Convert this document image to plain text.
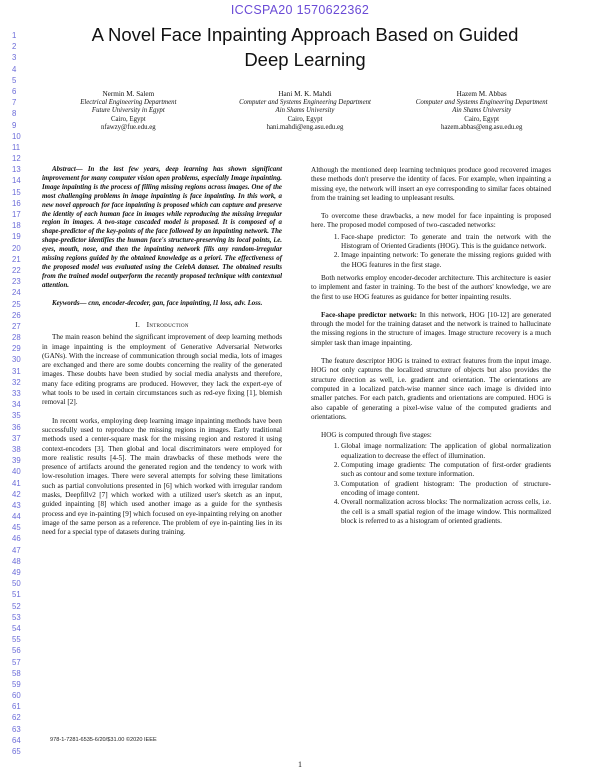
ICCSPA20 1570622362
1
2
3
4
5
6
7
8
9
10
11
12
13
14
15
16
17
18
19
20
21
22
23
24
25
26
27
28
29
30
31
32
33
34
35
36
37
38
39
40
41
42
43
44
45
46
47
48
49
50
51
52
53
54
55
56
57
58
59
60
61
62
63
64
65
A Novel Face Inpainting Approach Based on Guided
Deep Learning
Nermin M. Salem
Electrical Engineering Department
Future University in Egypt
Cairo, Egypt
nfawzy@fue.edu.eg
Hani M. K. Mahdi
Computer and Systems Engineering Department
Ain Shams University
Cairo, Egypt
hani.mahdi@eng.asu.edu.eg
Hazem M. Abbas
Computer and Systems Engineering Department
Ain Shams University
Cairo, Egypt
hazem.abbas@eng.asu.edu.eg
Abstract— In the last few years, deep learning has shown significant improvement for many computer vision open problems, especially Image inpainting. Image inpainting is the process of filling missing regions across images. One of the most challenging problems in image inpainting is face inpainting. In this work, a new novel approach for face inpainting is proposed which can capture and preserve the identity of each human face in images while reproducing the missing irregular region in images. A two-stage cascaded model is proposed. It is composed of a shape-predictor of the key-points of the face followed by an inpainting network. The shape-predictor identifies the human face's structure-preserving its local points, i.e. eyes, mouth, nose, and then the inpainting network fills any random-irregular missing regions guided by the obtained knowledge as a priori. The effectiveness of the proposed model was evaluated using the CelebA dataset. The obtained results from the trained model outperform the recently proposed technique with contextual attention.
Keywords— cnn, encoder-decoder, gan, face inpainting, l1 loss, adv. Loss.
I. Introduction

The main reason behind the significant improvement of deep learning methods in image inpainting is the employment of Generative Adversarial Networks (GANs). With the increase of communication through social media, lots of images are exchanged and there are some doubts concerning the reality of the generated images. These doubts have been studied by social media analysts and therefore, many face editing programs are produced. However, they lack the expert-eye of what tools to be used in certain circumstances such as red-eye fixing [1], blemish removal [2].

In recent works, employing deep learning image inpainting methods have been successfully used to reproduce the missing regions in images. Early traditional methods used a center-square mask for the missing region and restored it using context-encoders [3]. Then global and local discriminators were employed for more realistic results [4-5]. The main drawbacks of these methods were the presence of artifacts around the generated region and the tendency to work with low-resolution images. There were several attempts for solving these limitations such as partial convolutions presented in [6] which worked with irregular random masks, Deepfillv2 [7] which worked with a utilized user's sketch as an input, guided inpainting [8] which used another image as a guide for the synthesis process and eye in-painting [9] which focused on eye-inpainting relying on another image of the same person as a reference. The problem of eye in-painting lies in its need for a special type of datasets during training.

Although the mentioned deep learning techniques produce good recovered images these methods don't preserve the identity of faces. For example, when inpainting a missing eye, the network will insert an eye corresponding to similar faces obtained from the training set leading to unpleasant results.

To overcome these drawbacks, a new model for face inpainting is proposed here. The proposed model composed of two-cascaded networks:

1. Face-shape predictor: To generate and train the network with the Histogram of Oriented Gradients (HOG). This is the guidance network.
2. Image inpainting network: To generate the missing regions guided with the HOG features in the first stage.

Both networks employ encoder-decoder architecture. This architecture is easier to implement and faster in training. To the best of the authors' knowledge, we are the first to use HOG features as guidance for better inpainting results.

Face-shape predictor network: In this network, HOG [10-12] are generated through the model for the training dataset and the network is trained to hallucinate the missing regions in the structure of images. Image structure recovery is a much simpler task than image inpainting.

The feature descriptor HOG is trained to extract features from the input image. HOG not only captures the localized structure of objects but also provides the structure direction as well, i.e. gradient and orientation. The orientations are computed in a localized patch-wise manner since each image is divided into smaller patches. For each patch, gradients and orientations are computed. HOG is also capable of generating a pixel-wise value of the computed gradients and orientations.

HOG is computed through five stages:

1. Global image normalization: The application of global normalization equalization to decrease the effect of illumination.
2. Computing image gradients: The computation of first-order gradients such as contour and some texture information.
3. Computation of gradient histogram: The production of structure-encoding of image content.
4. Overall normalization across blocks: The normalization across cells, i.e. the cell is a small spatial region of the image window. This normalized block is referred to as a histogram of oriented gradients.
978-1-7281-6535-6/20/$31.00 ©2020 IEEE
1
